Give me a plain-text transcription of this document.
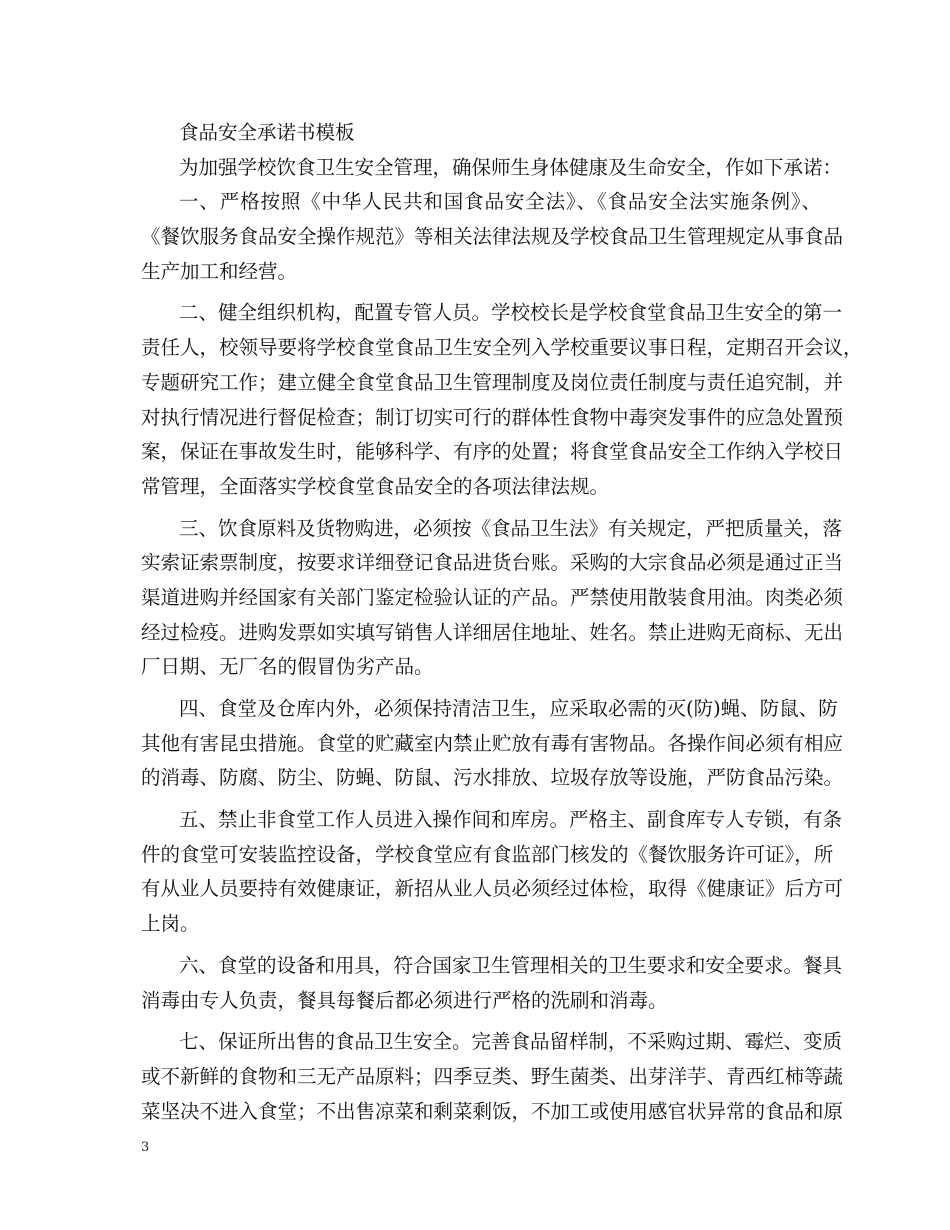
食品安全承诺书模板
为加强学校饮食卫生安全管理，确保师生身体健康及生命安全，作如下承诺：
一、严格按照《中华人民共和国食品安全法》、《食品安全法实施条例》、
《餐饮服务食品安全操作规范》等相关法律法规及学校食品卫生管理规定从事食品
生产加工和经营。
二、健全组织机构，配置专管人员。学校校长是学校食堂食品卫生安全的第一
责任人，校领导要将学校食堂食品卫生安全列入学校重要议事日程，定期召开会议，
专题研究工作；建立健全食堂食品卫生管理制度及岗位责任制度与责任追究制，并
对执行情况进行督促检查；制订切实可行的群体性食物中毒突发事件的应急处置预
案，保证在事故发生时，能够科学、有序的处置；将食堂食品安全工作纳入学校日
常管理，全面落实学校食堂食品安全的各项法律法规。
三、饮食原料及货物购进，必须按《食品卫生法》有关规定，严把质量关，落
实索证索票制度，按要求详细登记食品进货台账。采购的大宗食品必须是通过正当
渠道进购并经国家有关部门鉴定检验认证的产品。严禁使用散装食用油。肉类必须
经过检疫。进购发票如实填写销售人详细居住地址、姓名。禁止进购无商标、无出
厂日期、无厂名的假冒伪劣产品。
四、食堂及仓库内外，必须保持清洁卫生，应采取必需的灭(防)蝇、防鼠、防
其他有害昆虫措施。食堂的贮藏室内禁止贮放有毒有害物品。各操作间必须有相应
的消毒、防腐、防尘、防蝇、防鼠、污水排放、垃圾存放等设施，严防食品污染。
五、禁止非食堂工作人员进入操作间和库房。严格主、副食库专人专锁，有条
件的食堂可安装监控设备，学校食堂应有食监部门核发的《餐饮服务许可证》，所
有从业人员要持有效健康证，新招从业人员必须经过体检，取得《健康证》后方可
上岗。
六、食堂的设备和用具，符合国家卫生管理相关的卫生要求和安全要求。餐具
消毒由专人负责，餐具每餐后都必须进行严格的洗刷和消毒。
七、保证所出售的食品卫生安全。完善食品留样制，不采购过期、霉烂、变质
或不新鲜的食物和三无产品原料；四季豆类、野生菌类、出芽洋芋、青西红柿等蔬
菜坚决不进入食堂；不出售凉菜和剩菜剩饭，不加工或使用感官状异常的食品和原
3
